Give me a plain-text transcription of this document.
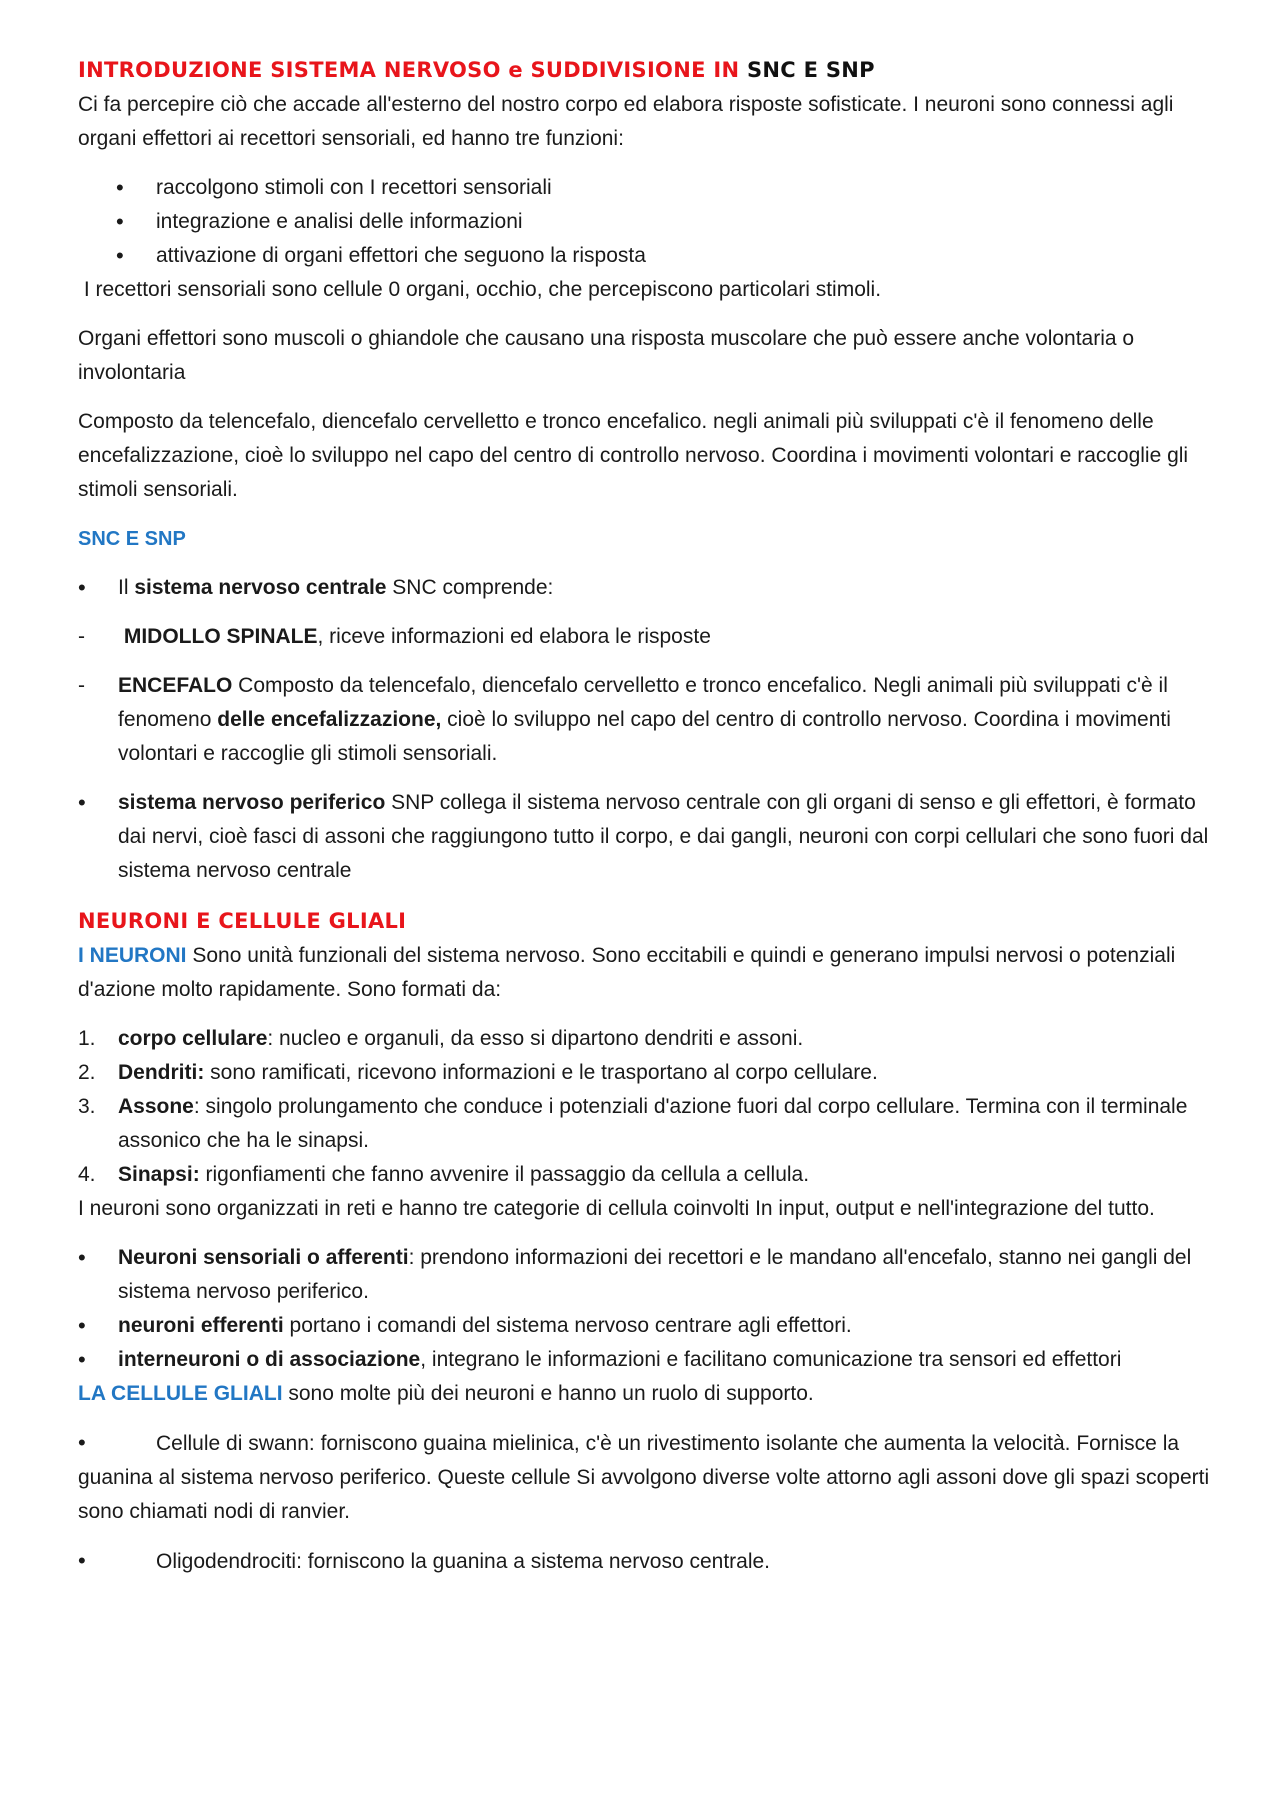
INTRODUZIONE SISTEMA NERVOSO e SUDDIVISIONE IN SNC E SNP

Ci fa percepire ciò che accade all'esterno del nostro corpo ed elabora risposte sofisticate. I neuroni sono connessi agli organi effettori ai recettori sensoriali, ed hanno tre funzioni:

• raccolgono stimoli con I recettori sensoriali
• integrazione e analisi delle informazioni
• attivazione di organi effettori che seguono la risposta

I recettori sensoriali sono cellule 0 organi, occhio, che percepiscono particolari stimoli.

Organi effettori sono muscoli o ghiandole che causano una risposta muscolare che può essere anche volontaria o involontaria

Composto da telencefalo, diencefalo cervelletto e tronco encefalico. negli animali più sviluppati c'è il fenomeno delle encefalizzazione, cioè lo sviluppo nel capo del centro di controllo nervoso. Coordina i movimenti volontari e raccoglie gli stimoli sensoriali.

SNC E SNP

• Il sistema nervoso centrale SNC comprende:
- MIDOLLO SPINALE, riceve informazioni ed elabora le risposte
- ENCEFALO Composto da telencefalo, diencefalo cervelletto e tronco encefalico. Negli animali più sviluppati c'è il fenomeno delle encefalizzazione, cioè lo sviluppo nel capo del centro di controllo nervoso. Coordina i movimenti volontari e raccoglie gli stimoli sensoriali.
• sistema nervoso periferico SNP collega il sistema nervoso centrale con gli organi di senso e gli effettori, è formato dai nervi, cioè fasci di assoni che raggiungono tutto il corpo, e dai gangli, neuroni con corpi cellulari che sono fuori dal sistema nervoso centrale

NEURONI E CELLULE GLIALI

I NEURONI Sono unità funzionali del sistema nervoso. Sono eccitabili e quindi e generano impulsi nervosi o potenziali d'azione molto rapidamente. Sono formati da:

1. corpo cellulare: nucleo e organuli, da esso si dipartono dendriti e assoni.
2. Dendriti: sono ramificati, ricevono informazioni e le trasportano al corpo cellulare.
3. Assone: singolo prolungamento che conduce i potenziali d'azione fuori dal corpo cellulare. Termina con il terminale assonico che ha le sinapsi.
4. Sinapsi: rigonfiamenti che fanno avvenire il passaggio da cellula a cellula.

I neuroni sono organizzati in reti e hanno tre categorie di cellula coinvolti In input, output e nell'integrazione del tutto.

• Neuroni sensoriali o afferenti: prendono informazioni dei recettori e le mandano all'encefalo, stanno nei gangli del sistema nervoso periferico.
• neuroni efferenti portano i comandi del sistema nervoso centrare agli effettori.
• interneuroni o di associazione, integrano le informazioni e facilitano comunicazione tra sensori ed effettori

LA CELLULE GLIALI sono molte più dei neuroni e hanno un ruolo di supporto.

•	Cellule di swann: forniscono guaina mielinica, c'è un rivestimento isolante che aumenta la velocità. Fornisce la guanina al sistema nervoso periferico. Queste cellule Si avvolgono diverse volte attorno agli assoni dove gli spazi scoperti sono chiamati nodi di ranvier.

•	Oligodendrociti: forniscono la guanina a sistema nervoso centrale.
